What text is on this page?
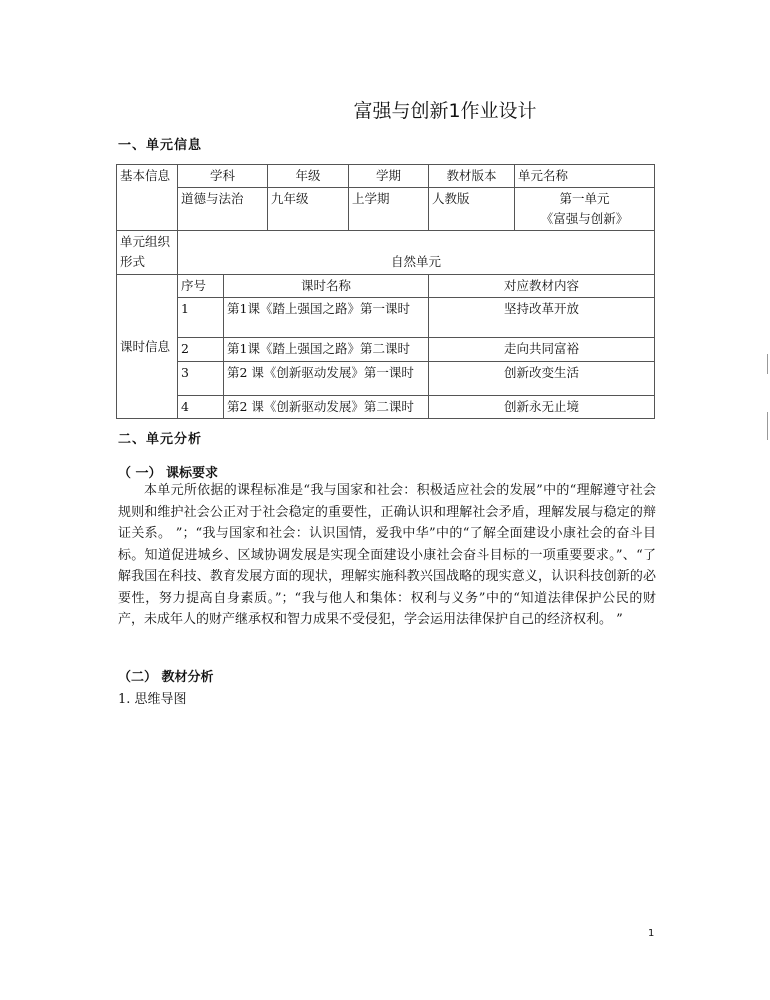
富强与创新1作业设计
一、单元信息
基本信息	学科		年级	学期	教材版本	单元名称
	道德与法治		九年级	上学期	人教版	第一单元
《富强与创新》

单元组织形式	自然单元					
课时信息	序号	课时名称			对应教材内容	
	1	第1课《踏上强国之路》第一课时			坚持改革开放	
	2	第1课《踏上强国之路》第二课时			走向共同富裕	
	3	第2 课《创新驱动发展》第一课时			创新改变生活	
	4	第2 课《创新驱动发展》第二课时			创新永无止境	
二、单元分析
（ 一） 课标要求
本单元所依据的课程标准是“我与国家和社会：积极适应社会的发展”中的“理解遵守社会规则和维护社会公正对于社会稳定的重要性，正确认识和理解社会矛盾，理解发展与稳定的辩证关系。 ”；“我与国家和社会：认识国情，爱我中华”中的“了解全面建设小康社会的奋斗目标。知道促进城乡、区域协调发展是实现全面建设小康社会奋斗目标的一项重要要求。”、“了解我国在科技、教育发展方面的现状，理解实施科教兴国战略的现实意义，认识科技创新的必要性，努力提高自身素质。”；“我与他人和集体：权利与义务”中的“知道法律保护公民的财产，未成年人的财产继承权和智力成果不受侵犯，学会运用法律保护自己的经济权利。 ”
（二） 教材分析
1. 思维导图
1
